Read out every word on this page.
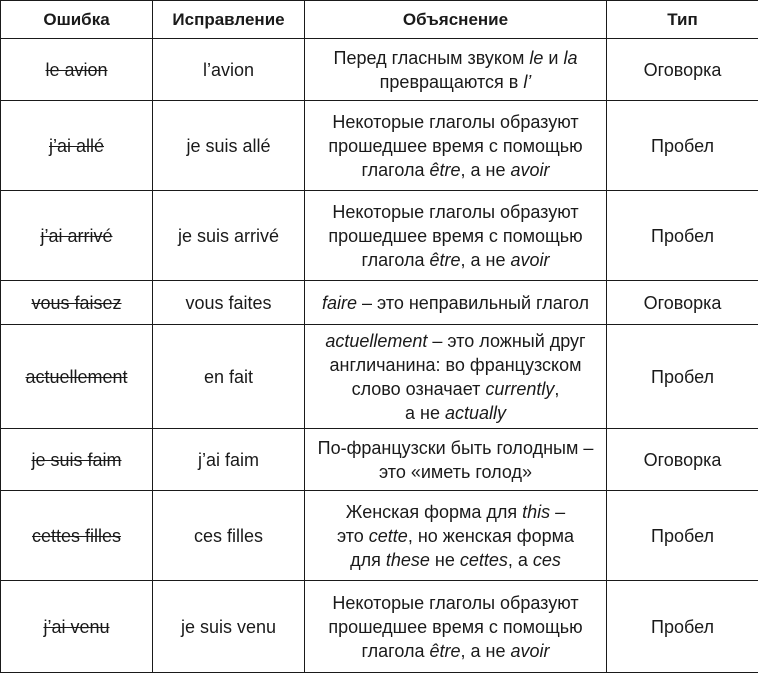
Ошибка	Исправление	Объяснение	Тип
le avion	l’avion	Перед гласным звуком le и la
превращаются в l’	Оговорка
j’ai allé	je suis allé	Некоторые глаголы образуют
прошедшее время с помощью
глагола être, а не avoir	Пробел
j’ai arrivé	je suis arrivé	Некоторые глаголы образуют
прошедшее время с помощью
глагола être, а не avoir	Пробел
vous faisez	vous faites	faire – это неправильный глагол	Оговорка
actuellement	en fait	actuellement – это ложный друг
англичанина: во французском
слово означает currently,
а не actually	Пробел
je suis faim	j’ai faim	По-французски быть голодным –
это «иметь голод»	Оговорка
cettes filles	ces filles	Женская форма для this –
это cette, но женская форма
для these не cettes, а ces	Пробел
j’ai venu	je suis venu	Некоторые глаголы образуют
прошедшее время с помощью
глагола être, а не avoir	Пробел
